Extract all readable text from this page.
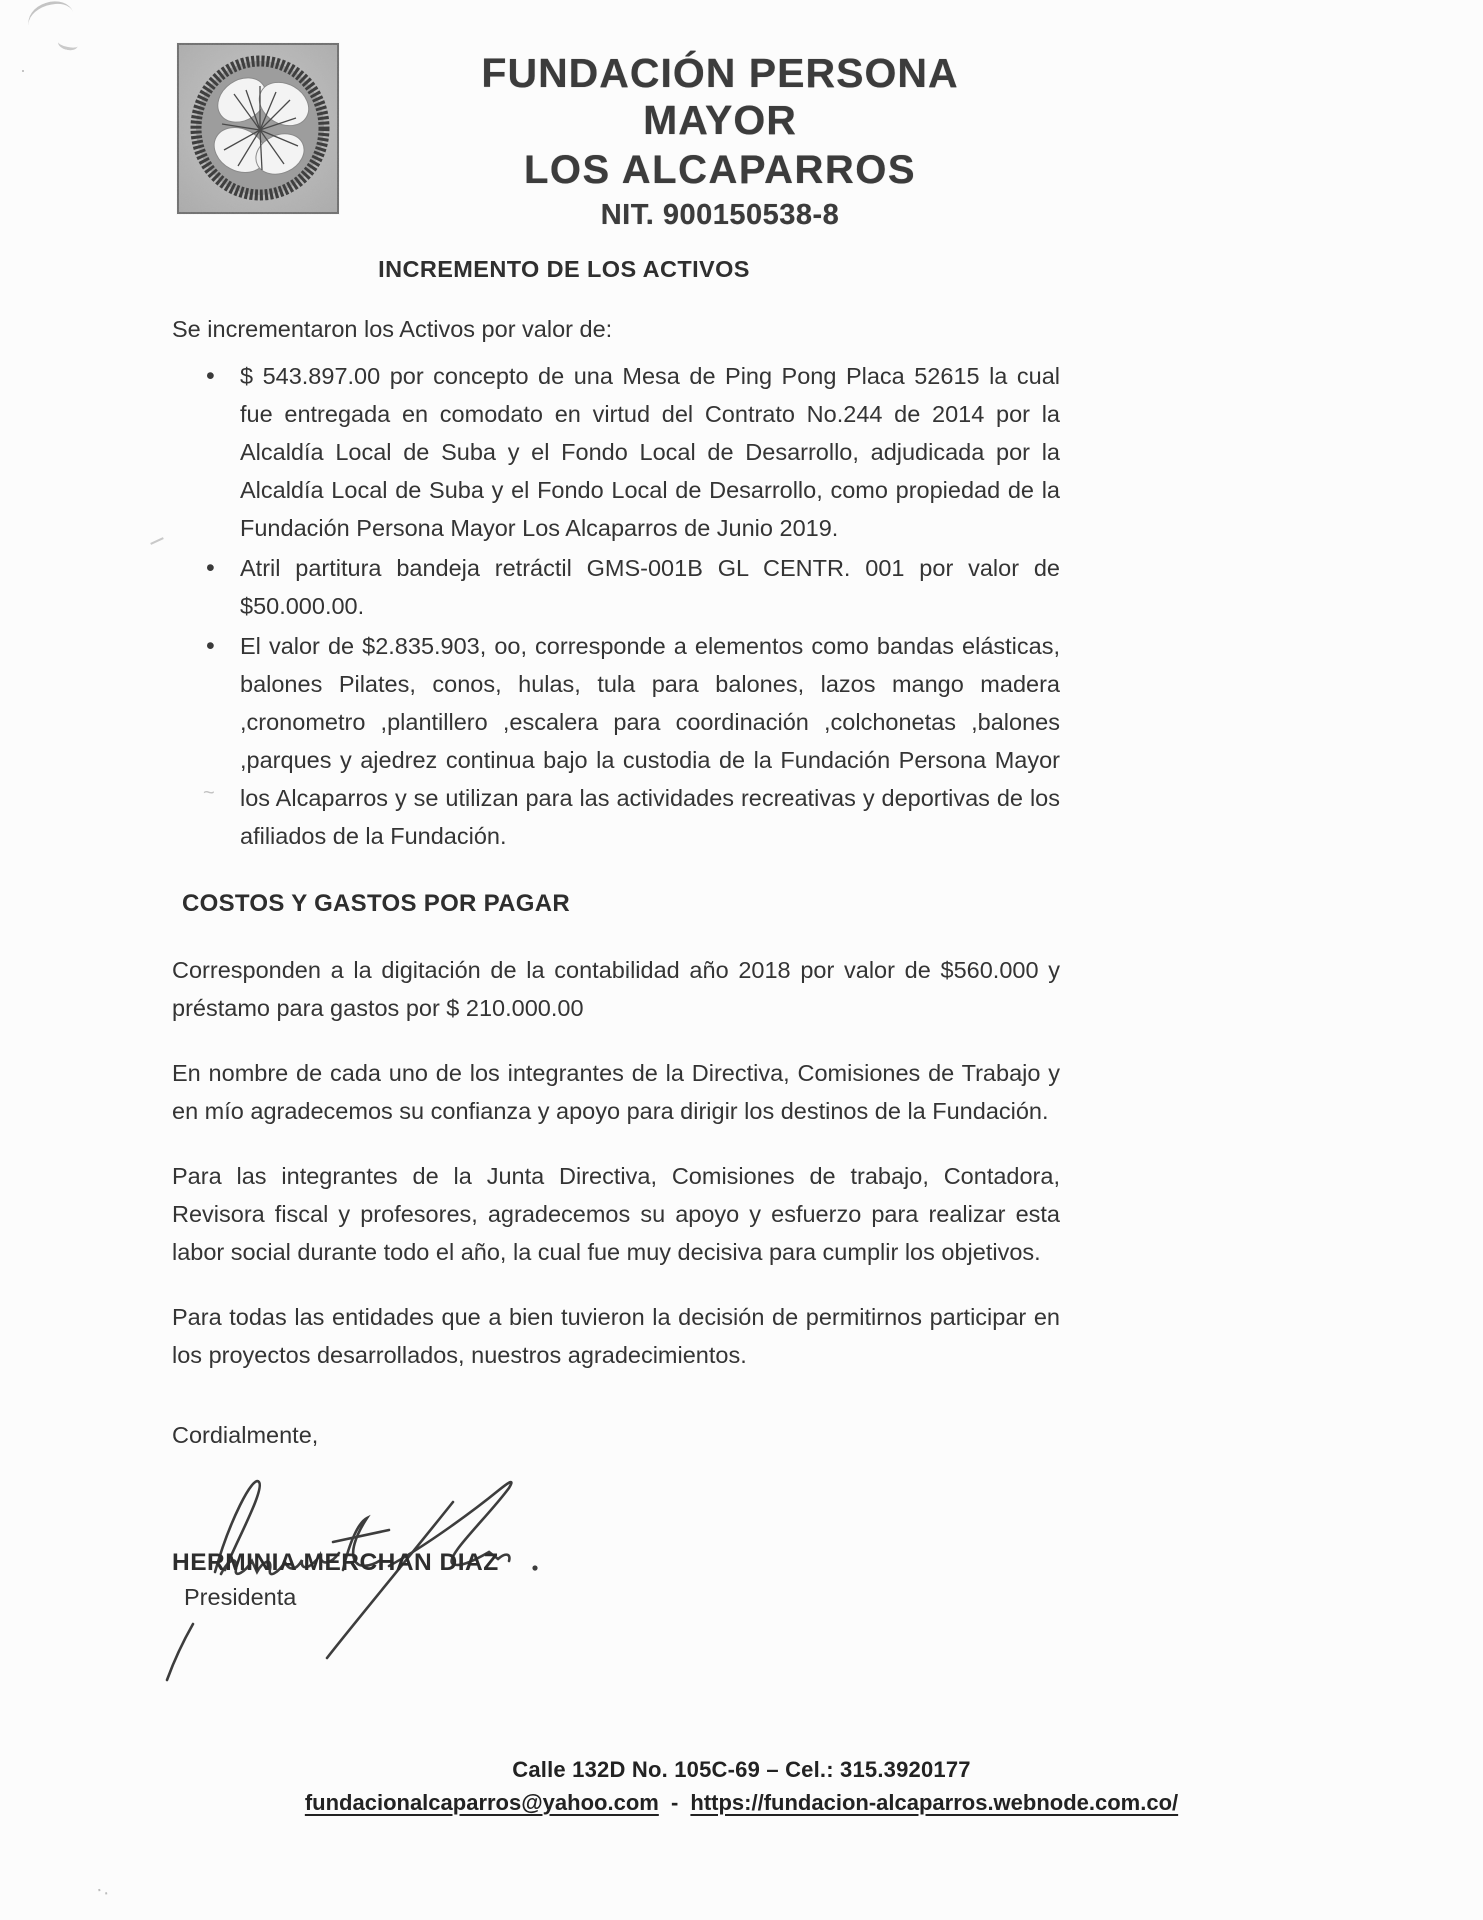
·
·.
~
FUNDACIÓN PERSONA MAYOR
LOS ALCAPARROS
NIT. 900150538-8
INCREMENTO DE LOS ACTIVOS

Se incrementaron los Activos por valor de:

• $ 543.897.00 por concepto de una Mesa de Ping Pong Placa 52615 la cual fue entregada en comodato en virtud del Contrato No.244 de 2014 por la Alcaldía Local de Suba y el Fondo Local de Desarrollo, adjudicada por la Alcaldía Local de Suba y el Fondo Local de Desarrollo, como propiedad de la Fundación Persona Mayor Los Alcaparros de Junio 2019.
• Atril partitura bandeja retráctil GMS-001B GL CENTR. 001 por valor de $50.000.00.
• El valor de $2.835.903, oo, corresponde a elementos como bandas elásticas, balones Pilates, conos, hulas, tula para balones, lazos mango madera ,cronometro ,plantillero ,escalera para coordinación ,colchonetas ,balones ,parques y ajedrez continua bajo la custodia de la Fundación Persona Mayor los Alcaparros y se utilizan para las actividades recreativas y deportivas de los afiliados de la Fundación.
COSTOS Y GASTOS POR PAGAR

Corresponden a la digitación de la contabilidad año 2018 por valor de $560.000 y préstamo para gastos por $ 210.000.00

En nombre de cada uno de los integrantes de la Directiva, Comisiones de Trabajo y en mío agradecemos su confianza y apoyo para dirigir los destinos de la Fundación.

Para las integrantes de la Junta Directiva, Comisiones de trabajo, Contadora, Revisora fiscal y profesores, agradecemos su apoyo y esfuerzo para realizar esta labor social durante todo el año, la cual fue muy decisiva para cumplir los objetivos.

Para todas las entidades que a bien tuvieron la decisión de permitirnos participar en los proyectos desarrollados, nuestros agradecimientos.

Cordialmente,

HERMINIA MERCHAN DIAZ
Presidenta
Calle 132D No. 105C-69 – Cel.: 315.3920177
fundacionalcaparros@yahoo.com - https://fundacion-alcaparros.webnode.com.co/
